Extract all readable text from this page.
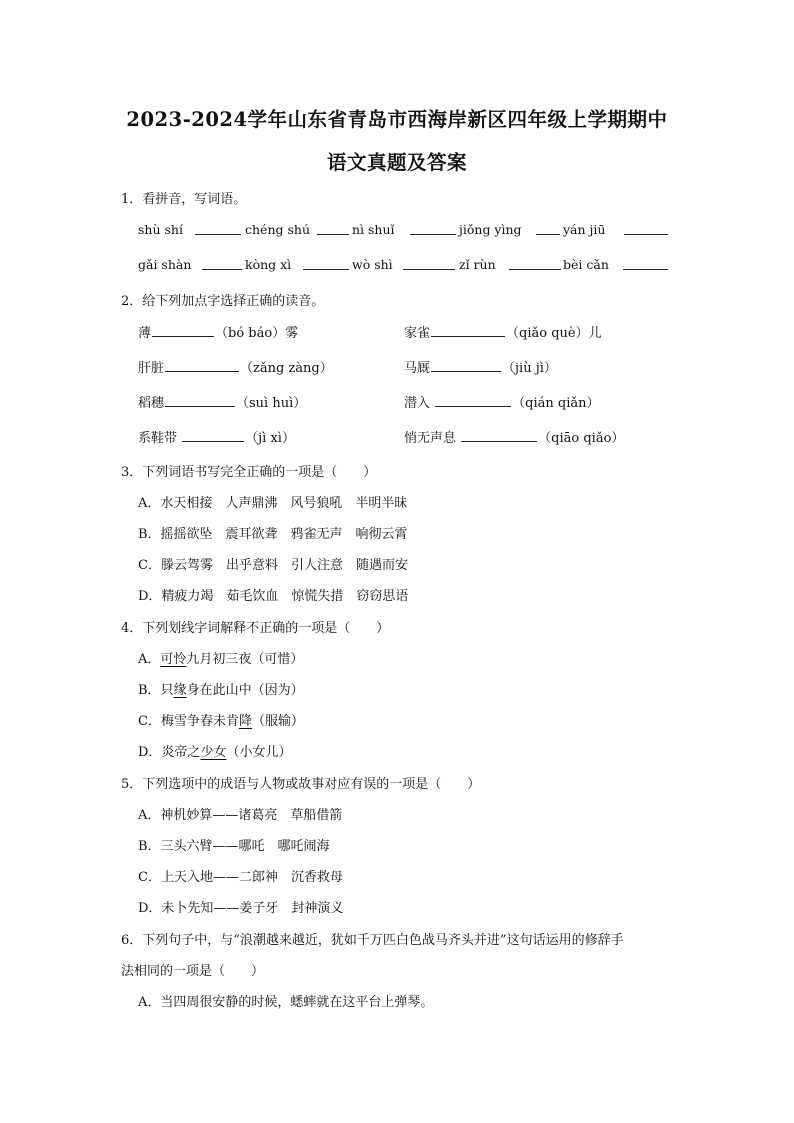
2023-2024学年山东省青岛市西海岸新区四年级上学期期中
语文真题及答案
1．看拼音，写词语。
shù shí	chéng shú	nì shuǐ	jiǒng yìng	yán jiū
gǎi shàn	kòng xì	wò shì	zǐ rùn	bèi cǎn
2．给下列加点字选择正确的读音。
薄	（bó báo）雾	家雀	（qiǎo què）儿
肝脏	（zǎng zàng）	马厩	（jiù jì）
稻穗	（suì huì）	潜入	（qián qiǎn）
系鞋带	（jì xì）	悄无声息	（qiāo qiǎo）
3．下列词语书写完全正确的一项是（　　）
A．水天相接　人声鼎沸　风号狼吼　半明半昧
B．摇摇欲坠　震耳欲聋　鸦雀无声　响彻云霄
C．滕云驾雾　出乎意料　引人注意　随遇而安
D．精疲力竭　茹毛饮血　惊慌失措　窃窃思语
4．下列划线字词解释不正确的一项是（　　）
A．可怜九月初三夜（可惜）
B．只缘身在此山中（因为）
C．梅雪争春未肯降（服输）
D．炎帝之少女（小女儿）
5．下列选项中的成语与人物或故事对应有误的一项是（　　）
A．神机妙算——诸葛亮　草船借箭
B．三头六臂——哪吒　哪吒闹海
C．上天入地——二郎神　沉香救母
D．未卜先知——姜子牙　封神演义
6．下列句子中，与“浪潮越来越近，犹如千万匹白色战马齐头并进”这句话运用的修辞手
法相同的一项是（　　）
A．当四周很安静的时候，蟋蟀就在这平台上弹琴。
